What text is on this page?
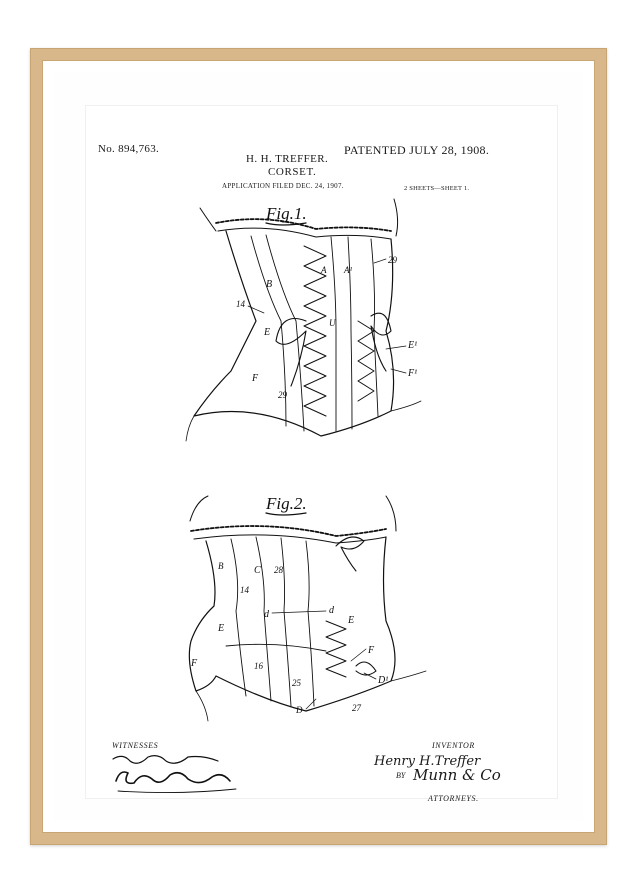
No. 894,763.	PATENTED JULY 28, 1908.
H. H. TREFFER.
CORSET.
APPLICATION FILED DEC. 24, 1907.	2 SHEETS—SHEET 1.
Fig.1.
A A¹
B
14
E
F
29
29
E¹
F¹
U
Fig.2.
B	C 28
14
d	d
E
E
F
F
16
25	D¹
D	27
WITNESSES	INVENTOR
Henry H.Treffer
BY Munn & Co
ATTORNEYS.
